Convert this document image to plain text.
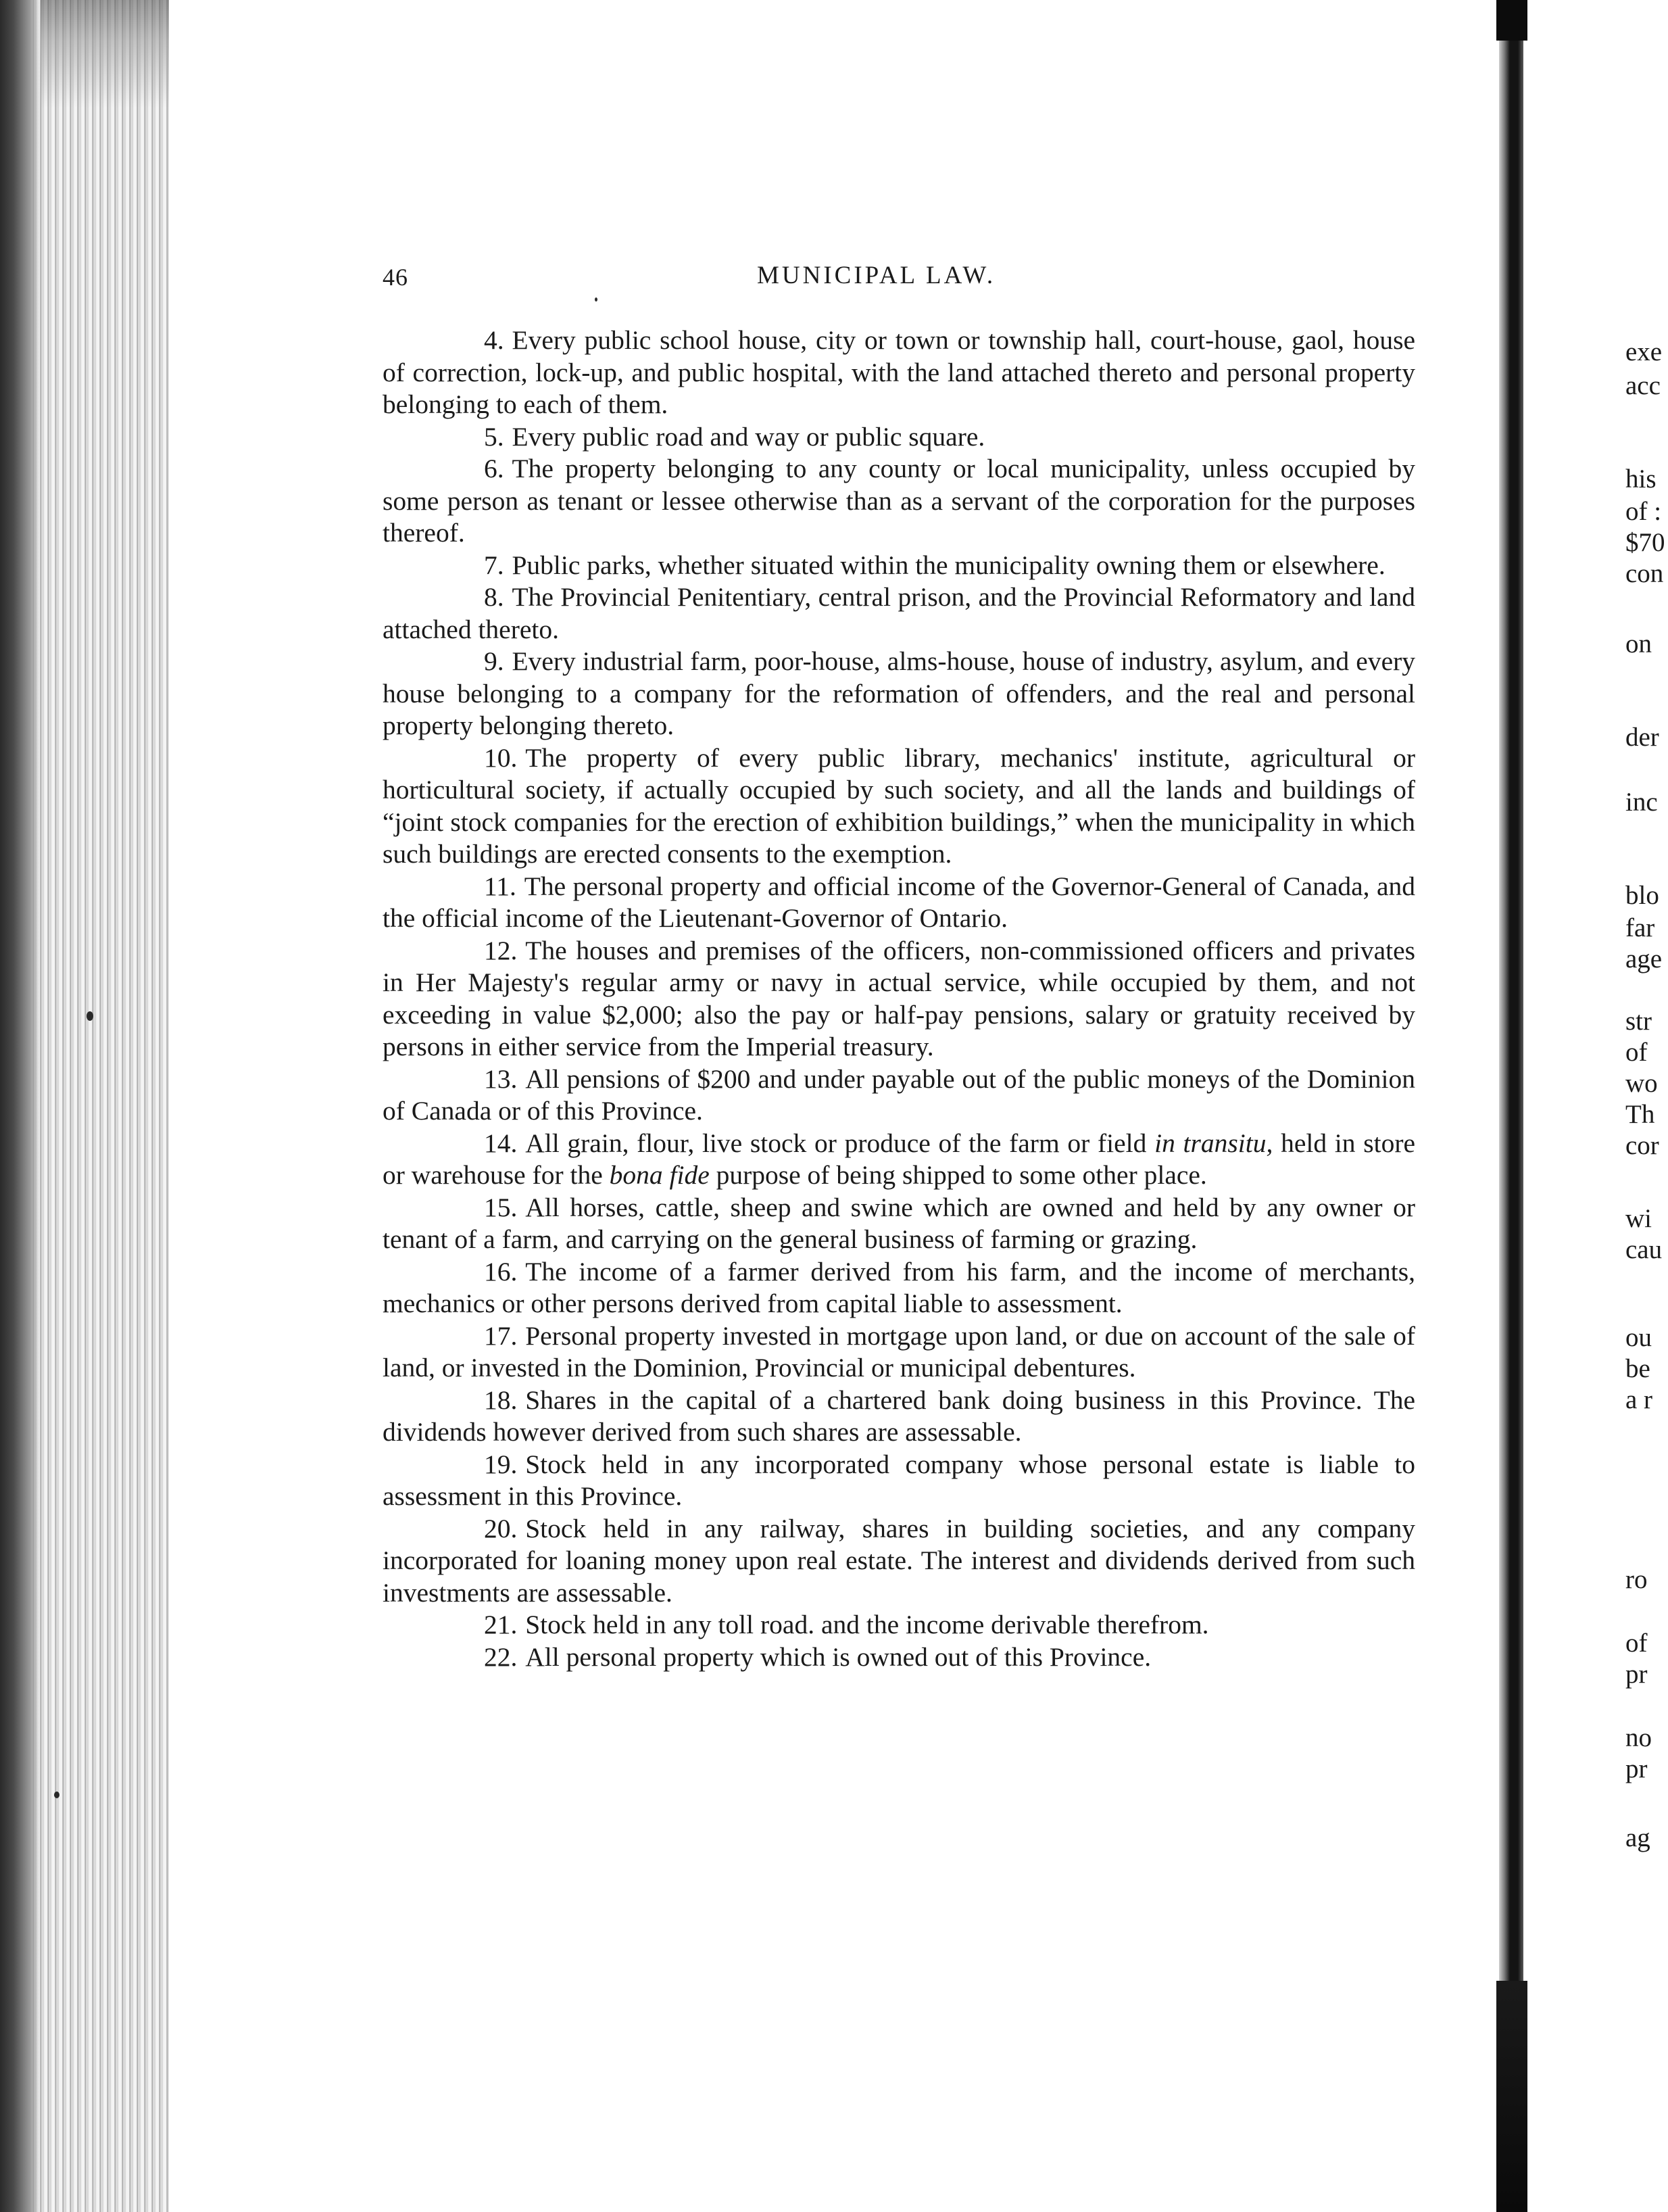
46	MUNICIPAL LAW.

4. Every public school house, city or town or township hall, court-house, gaol, house of correction, lock-up, and public hospital, with the land attached thereto and personal property belonging to each of them.

5. Every public road and way or public square.

6. The property belonging to any county or local municipality, unless occupied by some person as tenant or lessee otherwise than as a servant of the corporation for the purposes thereof.

7. Public parks, whether situated within the municipality owning them or elsewhere.

8. The Provincial Penitentiary, central prison, and the Provincial Reformatory and land attached thereto.

9. Every industrial farm, poor-house, alms-house, house of industry, asylum, and every house belonging to a company for the reformation of offenders, and the real and personal property belonging thereto.

10. The property of every public library, mechanics' institute, agricultural or horticultural society, if actually occupied by such society, and all the lands and buildings of “joint stock companies for the erection of exhibition buildings,” when the municipality in which such buildings are erected consents to the exemption.

11. The personal property and official income of the Governor-General of Canada, and the official income of the Lieutenant-Governor of Ontario.

12. The houses and premises of the officers, non-commissioned officers and privates in Her Majesty's regular army or navy in actual service, while occupied by them, and not exceeding in value $2,000; also the pay or half-pay pensions, salary or gratuity received by persons in either service from the Imperial treasury.

13. All pensions of $200 and under payable out of the public moneys of the Dominion of Canada or of this Province.

14. All grain, flour, live stock or produce of the farm or field in transitu, held in store or warehouse for the bona fide purpose of being shipped to some other place.

15. All horses, cattle, sheep and swine which are owned and held by any owner or tenant of a farm, and carrying on the general business of farming or grazing.

16. The income of a farmer derived from his farm, and the income of merchants, mechanics or other persons derived from capital liable to assessment.

17. Personal property invested in mortgage upon land, or due on account of the sale of land, or invested in the Dominion, Provincial or municipal debentures.

18. Shares in the capital of a chartered bank doing business in this Province. The dividends however derived from such shares are assessable.

19. Stock held in any incorporated company whose personal estate is liable to assessment in this Province.

20. Stock held in any railway, shares in building societies, and any company incorporated for loaning money upon real estate. The interest and dividends derived from such investments are assessable.

21. Stock held in any toll road. and the income derivable therefrom.

22. All personal property which is owned out of this Province.

exe
acc
his
of :
$70
con
on
der
inc
blo
far
age
str
of
wo
Th
cor
wi
cau
ou
be
a r
ro
of
pr
no
pr
ag
